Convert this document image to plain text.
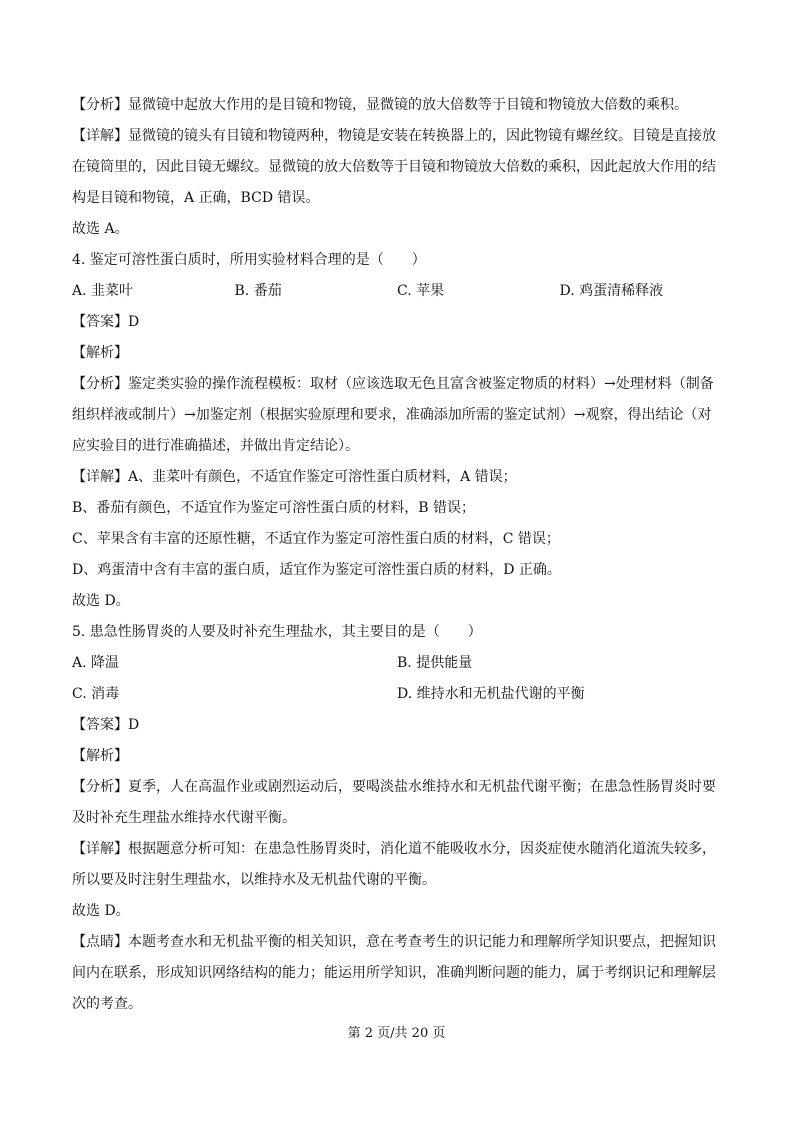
【分析】显微镜中起放大作用的是目镜和物镜，显微镜的放大倍数等于目镜和物镜放大倍数的乘积。
【详解】显微镜的镜头有目镜和物镜两种，物镜是安装在转换器上的，因此物镜有螺丝纹。目镜是直接放
在镜筒里的，因此目镜无螺纹。显微镜的放大倍数等于目镜和物镜放大倍数的乘积，因此起放大作用的结
构是目镜和物镜，A 正确，BCD 错误。
故选 A。
4. 鉴定可溶性蛋白质时，所用实验材料合理的是（　　）
A. 韭菜叶	B. 番茄	C. 苹果	D. 鸡蛋清稀释液
【答案】D
【解析】
【分析】鉴定类实验的操作流程模板：取材（应该选取无色且富含被鉴定物质的材料）→处理材料（制备
组织样液或制片）→加鉴定剂（根据实验原理和要求，准确添加所需的鉴定试剂）→观察，得出结论（对
应实验目的进行准确描述，并做出肯定结论）。
【详解】A、韭菜叶有颜色，不适宜作鉴定可溶性蛋白质材料，A 错误；
B、番茄有颜色，不适宜作为鉴定可溶性蛋白质的材料，B 错误；
C、苹果含有丰富的还原性糖，不适宜作为鉴定可溶性蛋白质的材料，C 错误；
D、鸡蛋清中含有丰富的蛋白质，适宜作为鉴定可溶性蛋白质的材料，D 正确。
故选 D。
5. 患急性肠胃炎的人要及时补充生理盐水，其主要目的是（　　）
A. 降温	B. 提供能量
C. 消毒	D. 维持水和无机盐代谢的平衡
【答案】D
【解析】
【分析】夏季，人在高温作业或剧烈运动后，要喝淡盐水维持水和无机盐代谢平衡；在患急性肠胃炎时要
及时补充生理盐水维持水代谢平衡。
【详解】根据题意分析可知：在患急性肠胃炎时，消化道不能吸收水分，因炎症使水随消化道流失较多，
所以要及时注射生理盐水，以维持水及无机盐代谢的平衡。
故选 D。
【点睛】本题考查水和无机盐平衡的相关知识，意在考查考生的识记能力和理解所学知识要点，把握知识
间内在联系，形成知识网络结构的能力；能运用所学知识，准确判断问题的能力，属于考纲识记和理解层
次的考查。
第 2 页/共 20 页
